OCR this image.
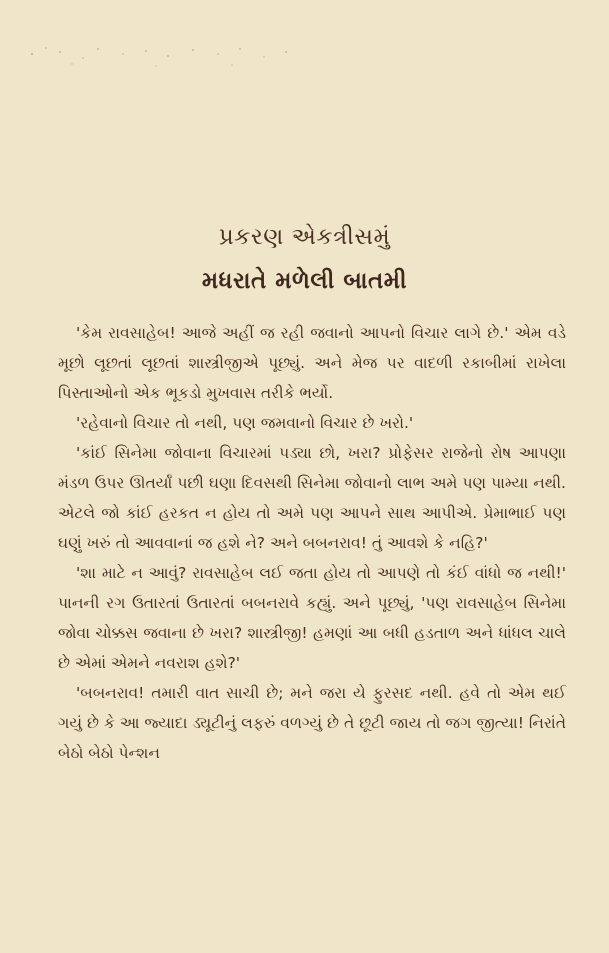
પ્રકરણ એકત્રીસમું
મધરાતે મળેલી બાતમી

'કેમ રાવસાહેબ! આજે અહીં જ રહી જવાનો આપનો વિચાર લાગે છે.' એમ વડે મૂછો લૂછતાં લૂછતાં શાસ્ત્રીજીએ પૂછ્યું. અને મેજ પર વાદળી રકાબીમાં રાખેલા પિસ્તાઓનો એક ભૂકડો મુખવાસ તરીકે ભર્યો.

'રહેવાનો વિચાર તો નથી, પણ જમવાનો વિચાર છે ખરો.'

'કાંઈ સિનેમા જોવાના વિચારમાં પડ્યા છો, ખરા? પ્રોફેસર રાજેનો રોષ આપણા મંડળ ઉપર ઊતર્યાં પછી ઘણા દિવસથી સિનેમા જોવાનો લાભ અમે પણ પામ્યા નથી. એટલે જો કાંઈ હરકત ન હોય તો અમે પણ આપને સાથ આપીએ. પ્રેમાભાઈ પણ ઘણું ખરું તો આવવાનાં જ હશે ને? અને બબનરાવ! તું આવશે કે નહિ?'

'શા માટે ન આવું? રાવસાહેબ લઈ જતા હોય તો આપણે તો કંઈ વાંધો જ નથી!' પાનની રગ ઉતારતાં ઉતારતાં બબનરાવે કહ્યું. અને પૂછ્યું, 'પણ રાવસાહેબ સિનેમા જોવા ચોક્કસ જવાના છે ખરા? શાસ્ત્રીજી! હમણાં આ બધી હડતાળ અને ધાંધલ ચાલે છે એમાં એમને નવરાશ હશે?'

'બબનરાવ! તમારી વાત સાચી છે; મને જરા યે ફુરસદ નથી. હવે તો એમ થઈ ગયું છે કે આ જ્યાદા ડ્યૂટીનું લફરું વળગ્યું છે તે છૂટી જાય તો જગ જીત્યા! નિરાંતે બેઠો બેઠો પેન્શન
